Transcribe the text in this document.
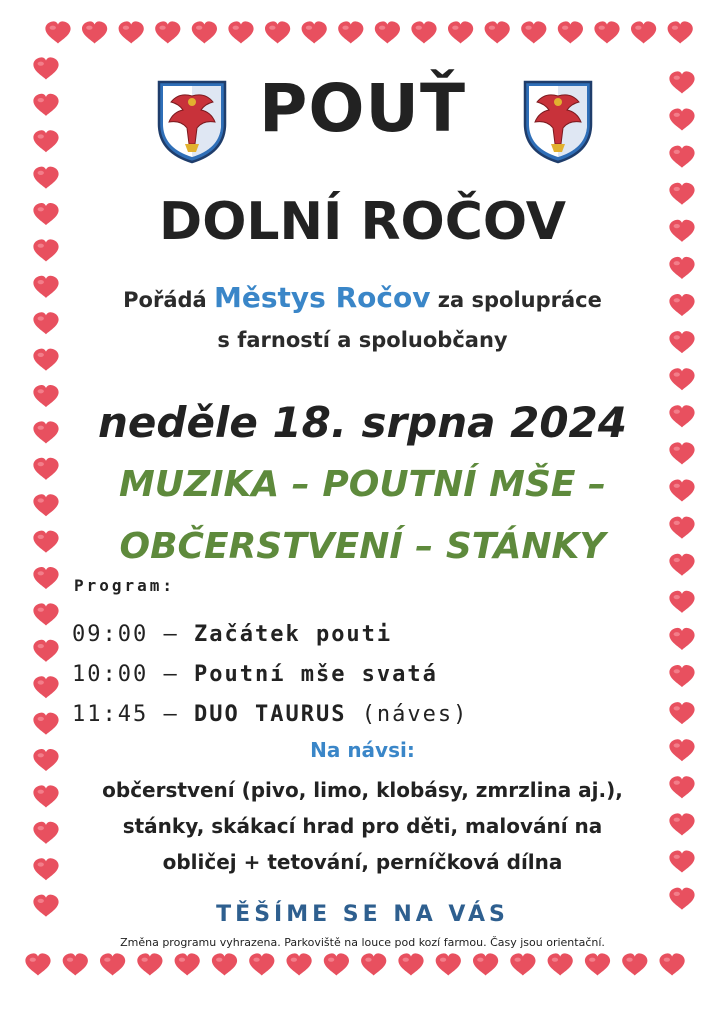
POUŤ
DOLNÍ ROČOV
Pořádá Městys Ročov za spolupráce
s farností a spoluobčany
neděle 18. srpna 2024
MUZIKA – POUTNÍ MŠE –
OBČERSTVENÍ – STÁNKY
Program:
09:00 – Začátek pouti
10:00 – Poutní mše svatá
11:45 – DUO TAURUS (náves)
Na návsi:
občerstvení (pivo, limo, klobásy, zmrzlina aj.),
stánky, skákací hrad pro děti, malování na
obličej + tetování, perníčková dílna
TĚŠÍME SE NA VÁS
Změna programu vyhrazena. Parkoviště na louce pod kozí farmou. Časy jsou orientační.
